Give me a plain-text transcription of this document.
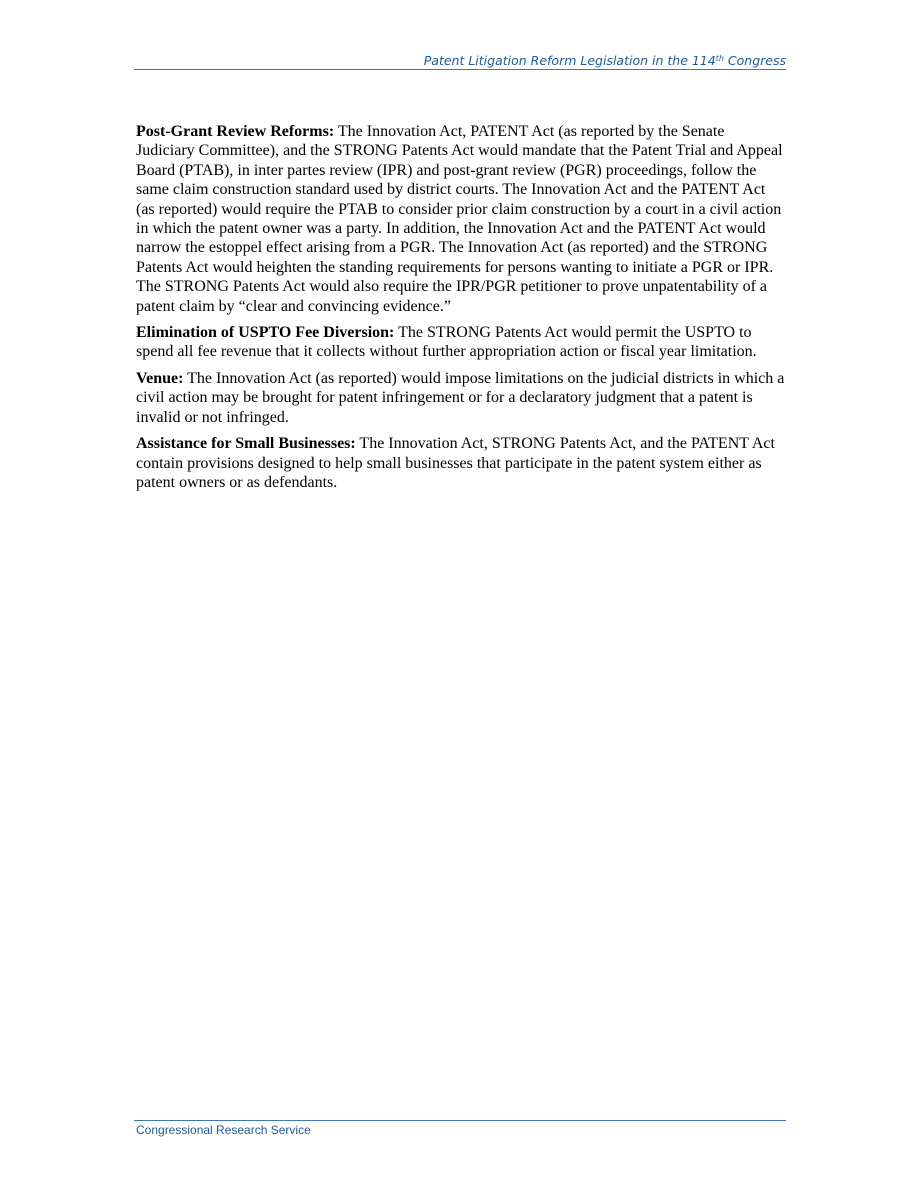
Patent Litigation Reform Legislation in the 114th Congress

Post-Grant Review Reforms: The Innovation Act, PATENT Act (as reported by the Senate Judiciary Committee), and the STRONG Patents Act would mandate that the Patent Trial and Appeal Board (PTAB), in inter partes review (IPR) and post-grant review (PGR) proceedings, follow the same claim construction standard used by district courts. The Innovation Act and the PATENT Act (as reported) would require the PTAB to consider prior claim construction by a court in a civil action in which the patent owner was a party. In addition, the Innovation Act and the PATENT Act would narrow the estoppel effect arising from a PGR. The Innovation Act (as reported) and the STRONG Patents Act would heighten the standing requirements for persons wanting to initiate a PGR or IPR. The STRONG Patents Act would also require the IPR/PGR petitioner to prove unpatentability of a patent claim by “clear and convincing evidence.”

Elimination of USPTO Fee Diversion: The STRONG Patents Act would permit the USPTO to spend all fee revenue that it collects without further appropriation action or fiscal year limitation.

Venue: The Innovation Act (as reported) would impose limitations on the judicial districts in which a civil action may be brought for patent infringement or for a declaratory judgment that a patent is invalid or not infringed.

Assistance for Small Businesses: The Innovation Act, STRONG Patents Act, and the PATENT Act contain provisions designed to help small businesses that participate in the patent system either as patent owners or as defendants.

Congressional Research Service
